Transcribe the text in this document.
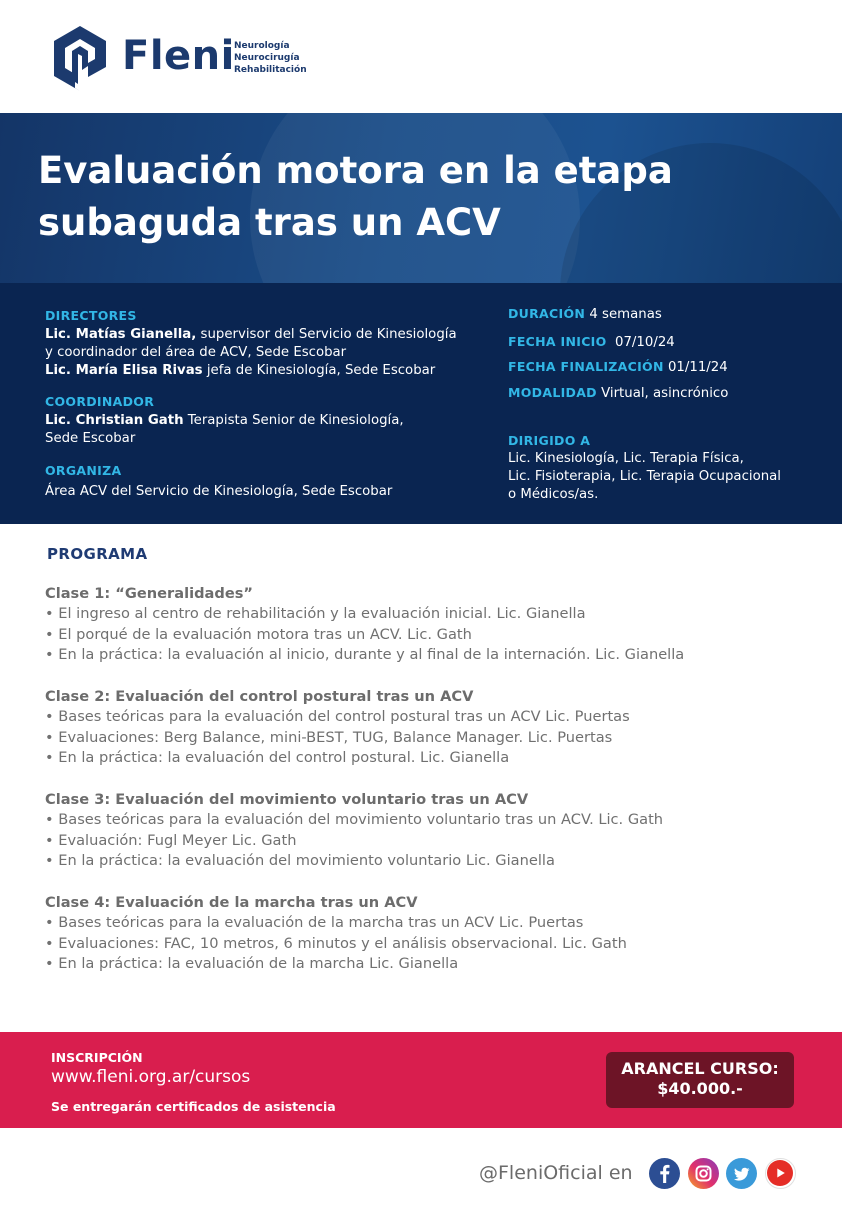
Fleni Neurología
Neurocirugía
Rehabilitación
Evaluación motora en la etapa
subaguda tras un ACV
DIRECTORES
Lic. Matías Gianella, supervisor del Servicio de Kinesiología
y coordinador del área de ACV, Sede Escobar
Lic. María Elisa Rivas jefa de Kinesiología, Sede Escobar
COORDINADOR
Lic. Christian Gath Terapista Senior de Kinesiología,
Sede Escobar
ORGANIZA
Área ACV del Servicio de Kinesiología, Sede Escobar
DURACIÓN 4 semanas
FECHA INICIO  07/10/24
FECHA FINALIZACIÓN 01/11/24
MODALIDAD Virtual, asincrónico
DIRIGIDO A
Lic. Kinesiología, Lic. Terapia Física,
Lic. Fisioterapia, Lic. Terapia Ocupacional
o Médicos/as.
PROGRAMA
Clase 1: “Generalidades”
• El ingreso al centro de rehabilitación y la evaluación inicial. Lic. Gianella
• El porqué de la evaluación motora tras un ACV. Lic. Gath
• En la práctica: la evaluación al inicio, durante y al final de la internación. Lic. Gianella
Clase 2: Evaluación del control postural tras un ACV
• Bases teóricas para la evaluación del control postural tras un ACV Lic. Puertas
• Evaluaciones: Berg Balance, mini-BEST, TUG, Balance Manager. Lic. Puertas
• En la práctica: la evaluación del control postural. Lic. Gianella
Clase 3: Evaluación del movimiento voluntario tras un ACV
• Bases teóricas para la evaluación del movimiento voluntario tras un ACV. Lic. Gath
• Evaluación: Fugl Meyer Lic. Gath
• En la práctica: la evaluación del movimiento voluntario Lic. Gianella
Clase 4: Evaluación de la marcha tras un ACV
• Bases teóricas para la evaluación de la marcha tras un ACV Lic. Puertas
• Evaluaciones: FAC, 10 metros, 6 minutos y el análisis observacional. Lic. Gath
• En la práctica: la evaluación de la marcha Lic. Gianella
INSCRIPCIÓN
www.fleni.org.ar/cursos
Se entregarán certificados de asistencia
ARANCEL CURSO:
$40.000.-
@FleniOficial en
